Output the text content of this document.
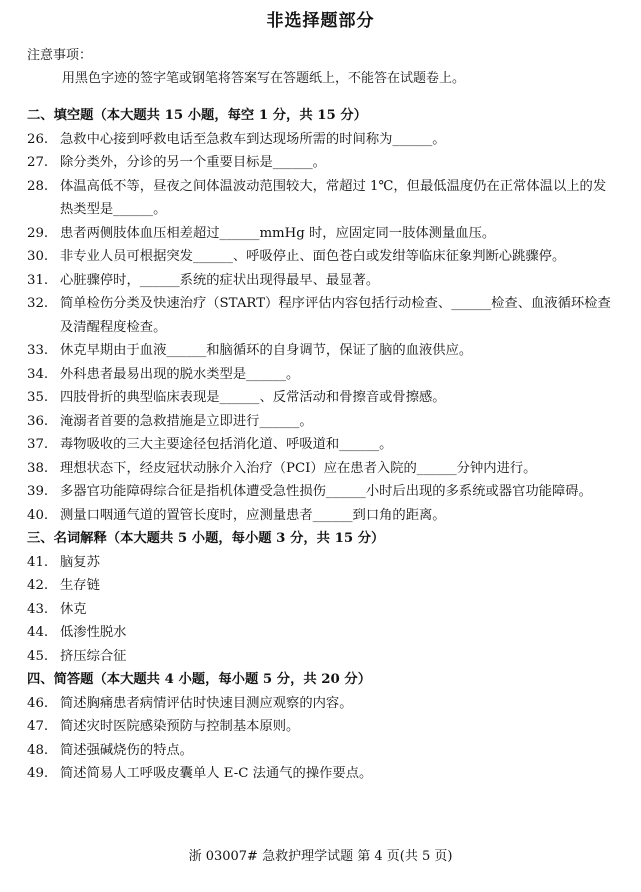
非选择题部分
注意事项：
用黑色字迹的签字笔或钢笔将答案写在答题纸上，不能答在试题卷上。
二、填空题（本大题共 15 小题，每空 1 分，共 15 分）
26. 急救中心接到呼救电话至急救车到达现场所需的时间称为______。
27. 除分类外，分诊的另一个重要目标是______。
28. 体温高低不等，昼夜之间体温波动范围较大，常超过 1℃，但最低温度仍在正常体温以上的发热类型是______。
29. 患者两侧肢体血压相差超过______mmHg 时，应固定同一肢体测量血压。
30. 非专业人员可根据突发______、呼吸停止、面色苍白或发绀等临床征象判断心跳骤停。
31. 心脏骤停时，______系统的症状出现得最早、最显著。
32. 简单检伤分类及快速治疗（START）程序评估内容包括行动检查、______检查、血液循环检查及清醒程度检查。
33. 休克早期由于血液______和脑循环的自身调节，保证了脑的血液供应。
34. 外科患者最易出现的脱水类型是______。
35. 四肢骨折的典型临床表现是______、反常活动和骨擦音或骨擦感。
36. 淹溺者首要的急救措施是立即进行______。
37. 毒物吸收的三大主要途径包括消化道、呼吸道和______。
38. 理想状态下，经皮冠状动脉介入治疗（PCI）应在患者入院的______分钟内进行。
39. 多器官功能障碍综合征是指机体遭受急性损伤______小时后出现的多系统或器官功能障碍。
40. 测量口咽通气道的置管长度时，应测量患者______到口角的距离。
三、名词解释（本大题共 5 小题，每小题 3 分，共 15 分）
41. 脑复苏
42. 生存链
43. 休克
44. 低渗性脱水
45. 挤压综合征
四、简答题（本大题共 4 小题，每小题 5 分，共 20 分）
46. 简述胸痛患者病情评估时快速目测应观察的内容。
47. 简述灾时医院感染预防与控制基本原则。
48. 简述强碱烧伤的特点。
49. 简述简易人工呼吸皮囊单人 E-C 法通气的操作要点。
浙 03007# 急救护理学试题 第 4 页(共 5 页)
